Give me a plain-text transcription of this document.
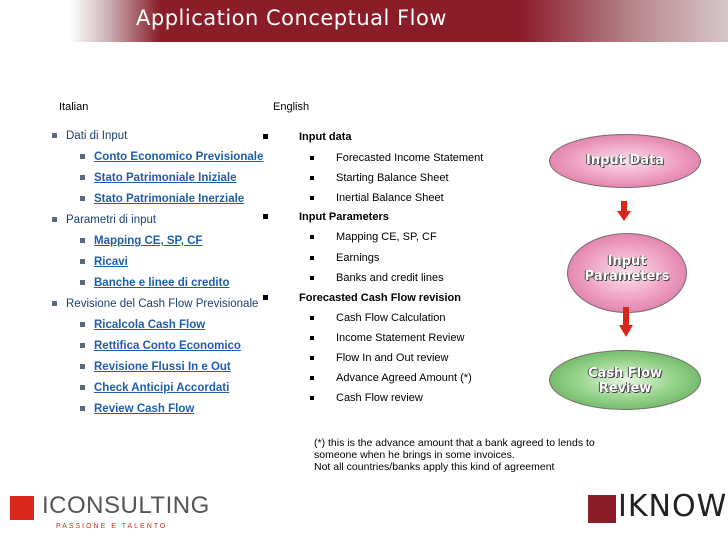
Application Conceptual Flow
Italian	English
Dati di Input
Conto Economico Previsionale
Stato Patrimoniale Iniziale
Stato Patrimoniale Inerziale
Parametri di input
Mapping CE, SP, CF
Ricavi
Banche e linee di credito
Revisione del Cash Flow Previsionale
Ricalcola Cash Flow
Rettifica Conto Economico
Revisione Flussi In e Out
Check Anticipi Accordati
Review Cash Flow
Input data
Forecasted Income Statement
Starting Balance Sheet
Inertial Balance Sheet
Input Parameters
Mapping CE, SP, CF
Earnings
Banks and credit lines
Forecasted Cash Flow revision
Cash Flow Calculation
Income Statement Review
Flow In and Out review
Advance Agreed Amount (*)
Cash Flow review
Input Data
Input
Parameters
Cash Flow
Review
(*) this is the advance amount that a bank agreed to lends to
someone when he brings in some invoices.
Not all countries/banks apply this kind of agreement
ICONSULTING
PASSIONE E TALENTO
IKNOW
